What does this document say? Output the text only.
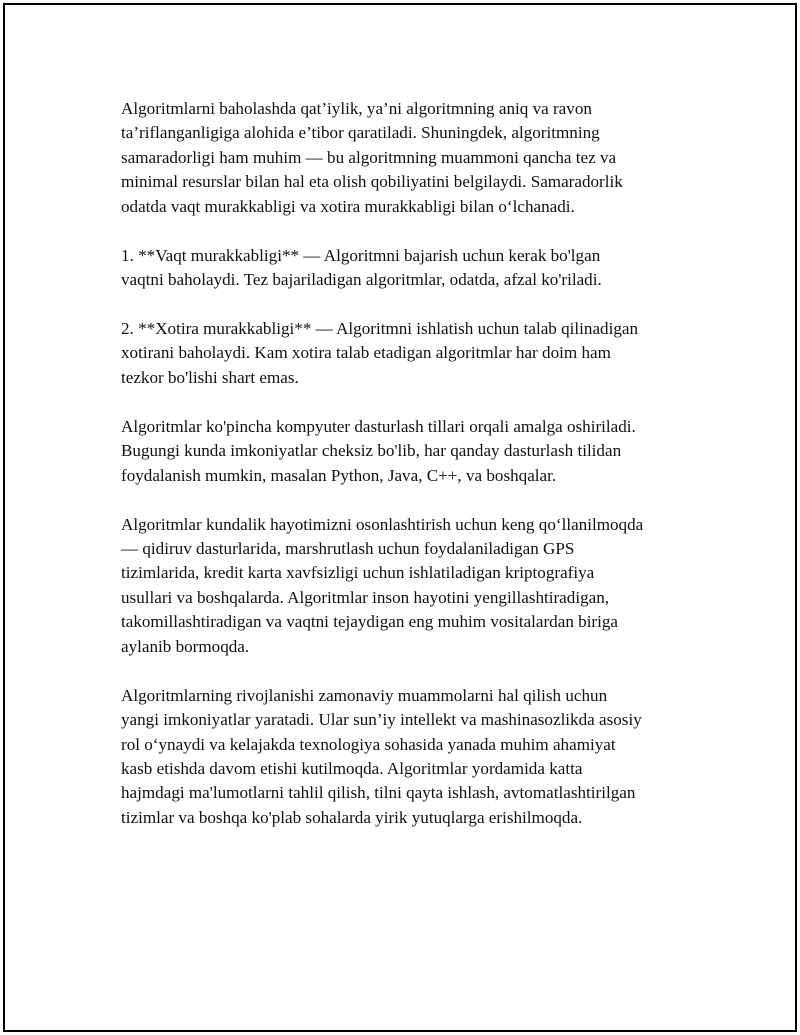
Algoritmlarni baholashda qat’iylik, ya’ni algoritmning aniq va ravon
ta’riflanganligiga alohida e’tibor qaratiladi. Shuningdek, algoritmning
samaradorligi ham muhim — bu algoritmning muammoni qancha tez va
minimal resurslar bilan hal eta olish qobiliyatini belgilaydi. Samaradorlik
odatda vaqt murakkabligi va xotira murakkabligi bilan o‘lchanadi.

1. **Vaqt murakkabligi** — Algoritmni bajarish uchun kerak bo'lgan
vaqtni baholaydi. Tez bajariladigan algoritmlar, odatda, afzal ko'riladi.

2. **Xotira murakkabligi** — Algoritmni ishlatish uchun talab qilinadigan
xotirani baholaydi. Kam xotira talab etadigan algoritmlar har doim ham
tezkor bo'lishi shart emas.

Algoritmlar ko'pincha kompyuter dasturlash tillari orqali amalga oshiriladi.
Bugungi kunda imkoniyatlar cheksiz bo'lib, har qanday dasturlash tilidan
foydalanish mumkin, masalan Python, Java, C++, va boshqalar.

Algoritmlar kundalik hayotimizni osonlashtirish uchun keng qo‘llanilmoqda
— qidiruv dasturlarida, marshrutlash uchun foydalaniladigan GPS
tizimlarida, kredit karta xavfsizligi uchun ishlatiladigan kriptografiya
usullari va boshqalarda. Algoritmlar inson hayotini yengillashtiradigan,
takomillashtiradigan va vaqtni tejaydigan eng muhim vositalardan biriga
aylanib bormoqda.

Algoritmlarning rivojlanishi zamonaviy muammolarni hal qilish uchun
yangi imkoniyatlar yaratadi. Ular sun’iy intellekt va mashinasozlikda asosiy
rol o‘ynaydi va kelajakda texnologiya sohasida yanada muhim ahamiyat
kasb etishda davom etishi kutilmoqda. Algoritmlar yordamida katta
hajmdagi ma'lumotlarni tahlil qilish, tilni qayta ishlash, avtomatlashtirilgan
tizimlar va boshqa ko'plab sohalarda yirik yutuqlarga erishilmoqda.
